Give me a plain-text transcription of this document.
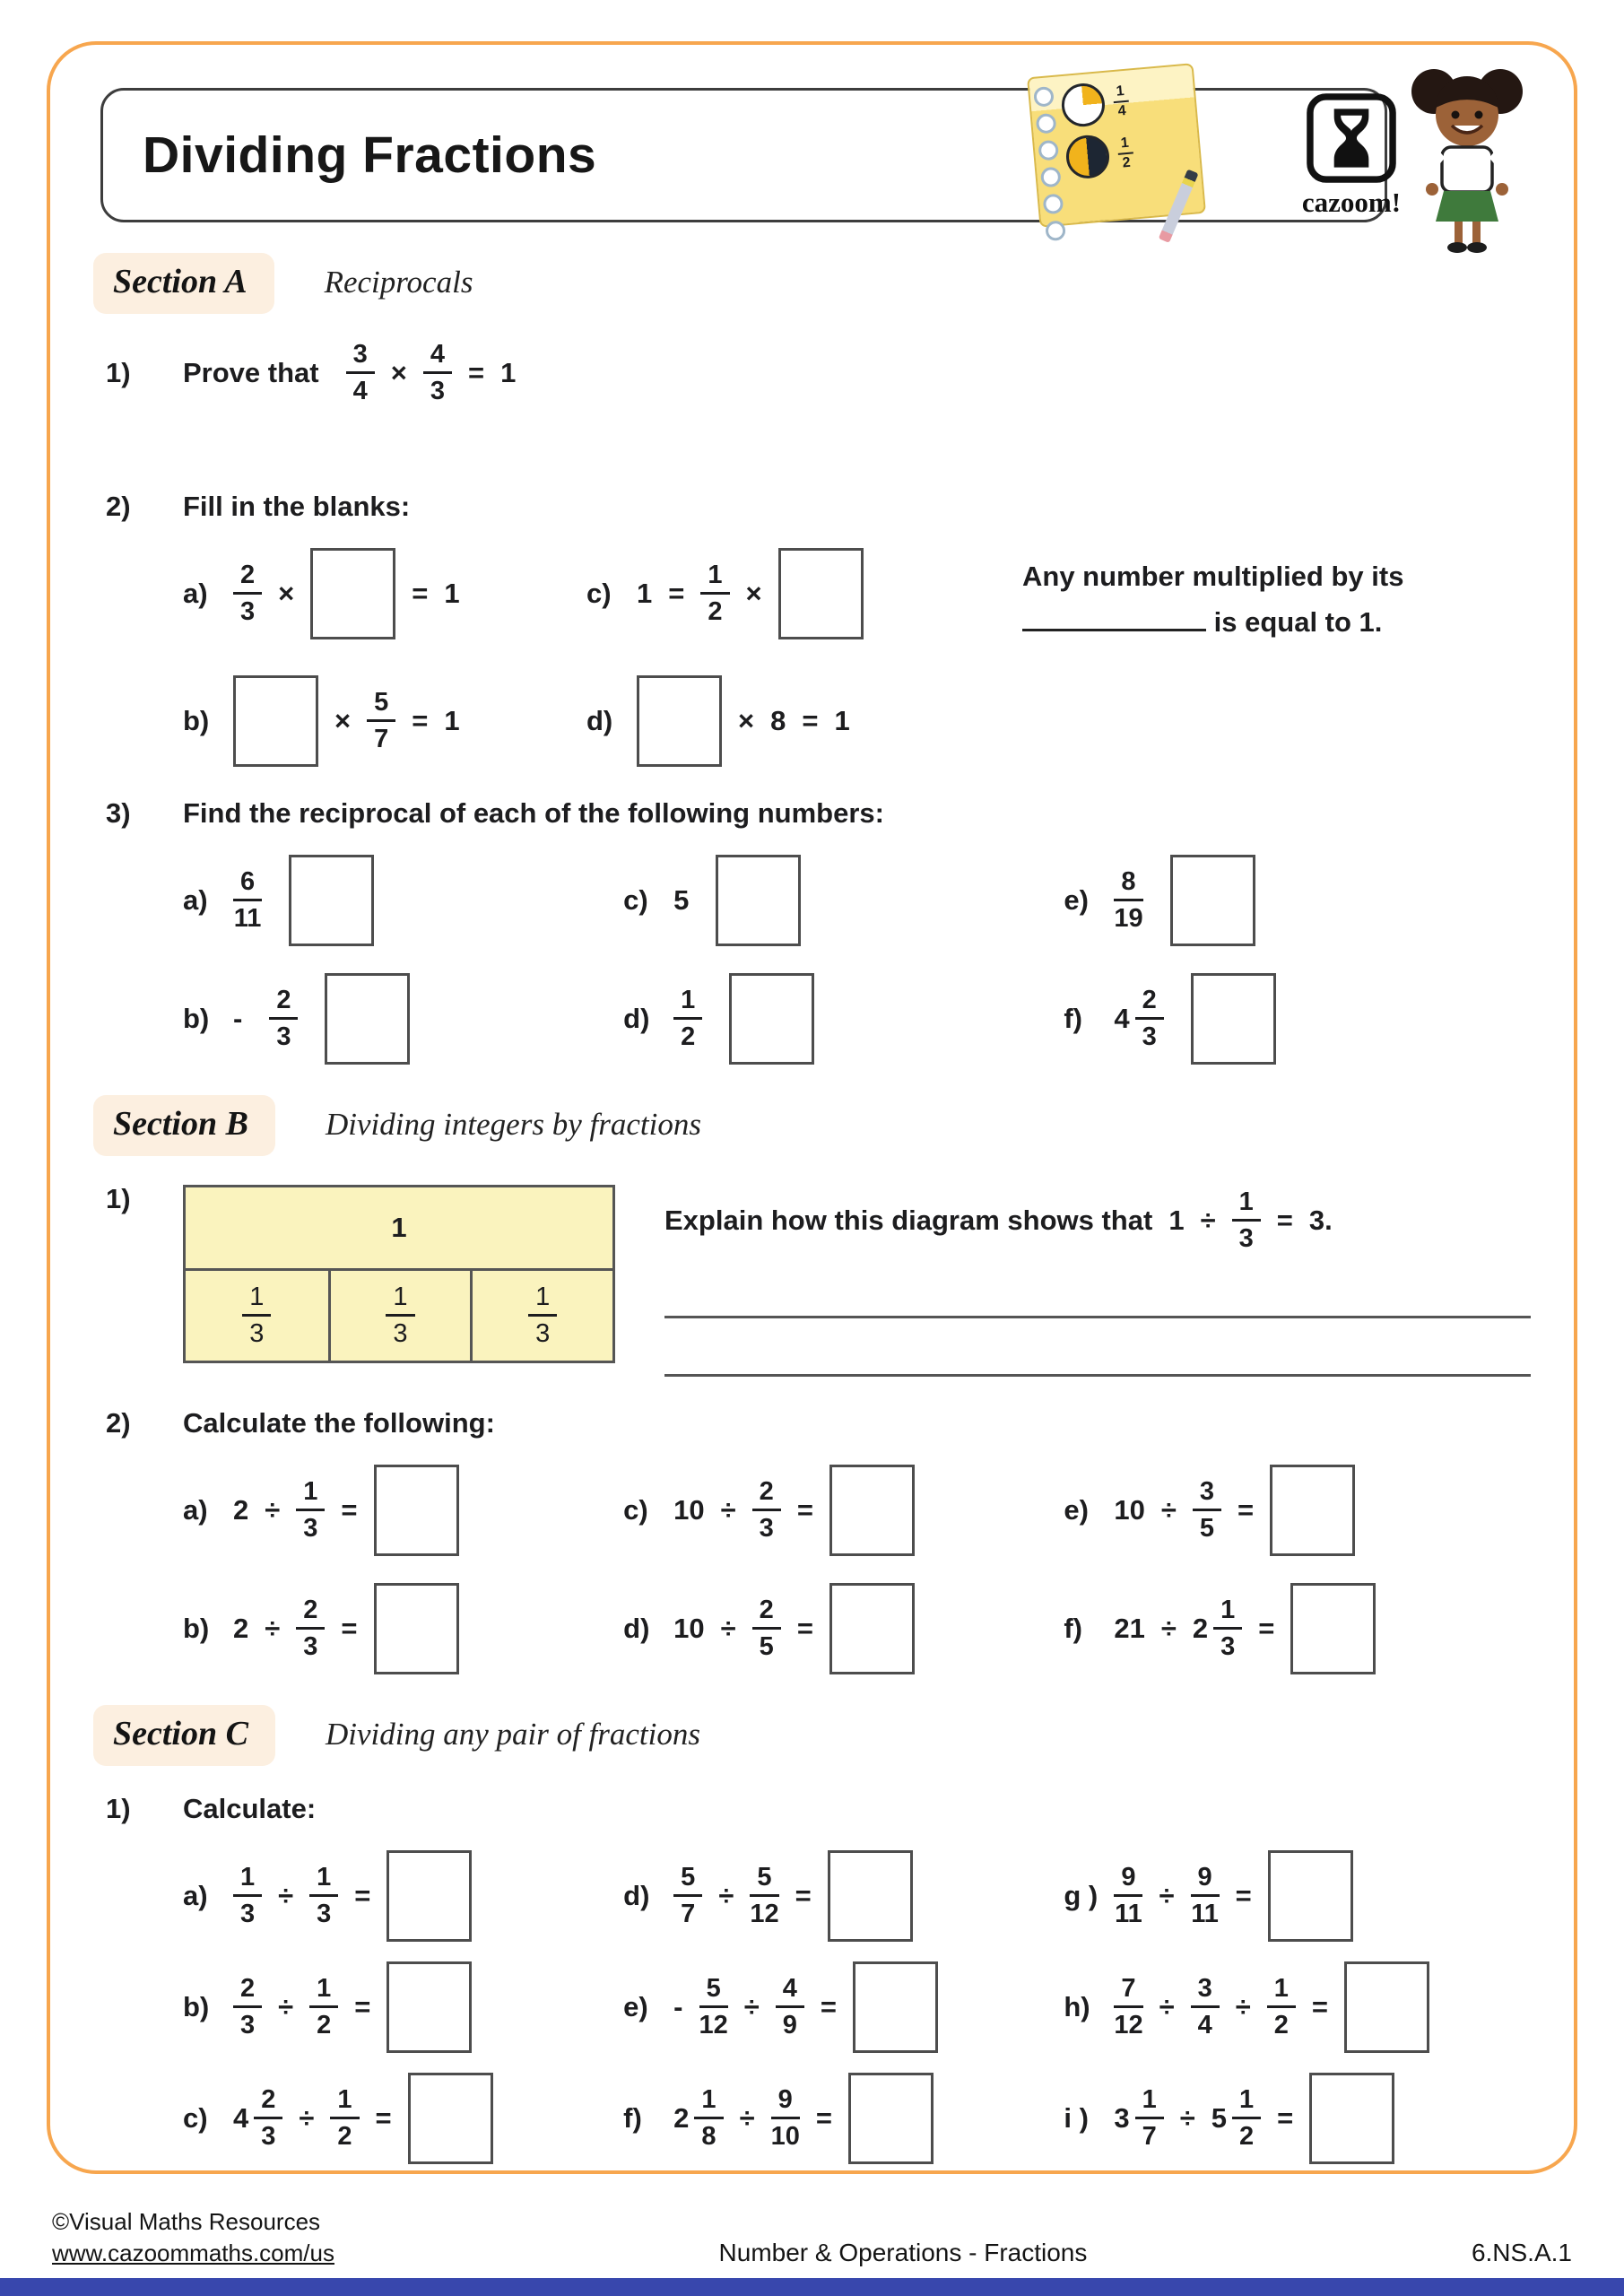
Dividing Fractions
$\frac{1}{4}$
$\frac{1}{2}$
cazoom!
Section A	Reciprocals
1)	Prove that $\frac{3}{4} \times \frac{4}{3} = 1$
2)	Fill in the blanks:
$a) \frac{2}{3}$ ×	= 1	c) $1 = \frac{1}{2}$ ×
b)	× $\frac{5}{7} = 1$	d)	× 8 = 1
Any number multiplied by its  is equal to 1.
3)	Find the reciprocal of each of the following numbers:
$a) \frac{6}{11}$	c) 5	$e) \frac{8}{19}$
$b) - \frac{2}{3}$	$d) \frac{1}{2}$	f)	$4 \frac{2}{3}$
Section B	Dividing integers by fractions
1)
1
$\frac{1}{3}$	$\frac{1}{3}$	$\frac{1}{3}$
Explain how this diagram shows that $1 \div \frac{1}{3} = 3$.
2)	Calculate the following:
a) $2 \div \frac{1}{3}$ =	c) $10 \div \frac{2}{3}$ =	e) $10 \div \frac{3}{5}$ =
b) $2 \div \frac{2}{3}$ =	d) $10 \div \frac{2}{5}$ =	f)	$21 \div 2 \frac{1}{3}$ =
Section C	Dividing any pair of fractions
1)	Calculate:
$a) \frac{1}{3} \div \frac{1}{3}$ =	$d) \frac{5}{7} \div \frac{5}{12}$ =	g ) $\frac{9}{11} \div \frac{9}{11}$ =
$b) \frac{2}{3} \div \frac{1}{2}$ =	$e) - \frac{5}{12} \div \frac{4}{9}$ =	$h) \frac{7}{12} \div \frac{3}{4} \div \frac{1}{2}$ =
c) $4 \frac{2}{3} \div \frac{1}{2}$ =	f)	$2 \frac{1}{8} \div \frac{9}{10}$ =	i ) $3 \frac{1}{7} \div 5 \frac{1}{2}$ =
©Visual Maths Resources
www.cazoommaths.com/us	Number & Operations - Fractions	6.NS.A.1
